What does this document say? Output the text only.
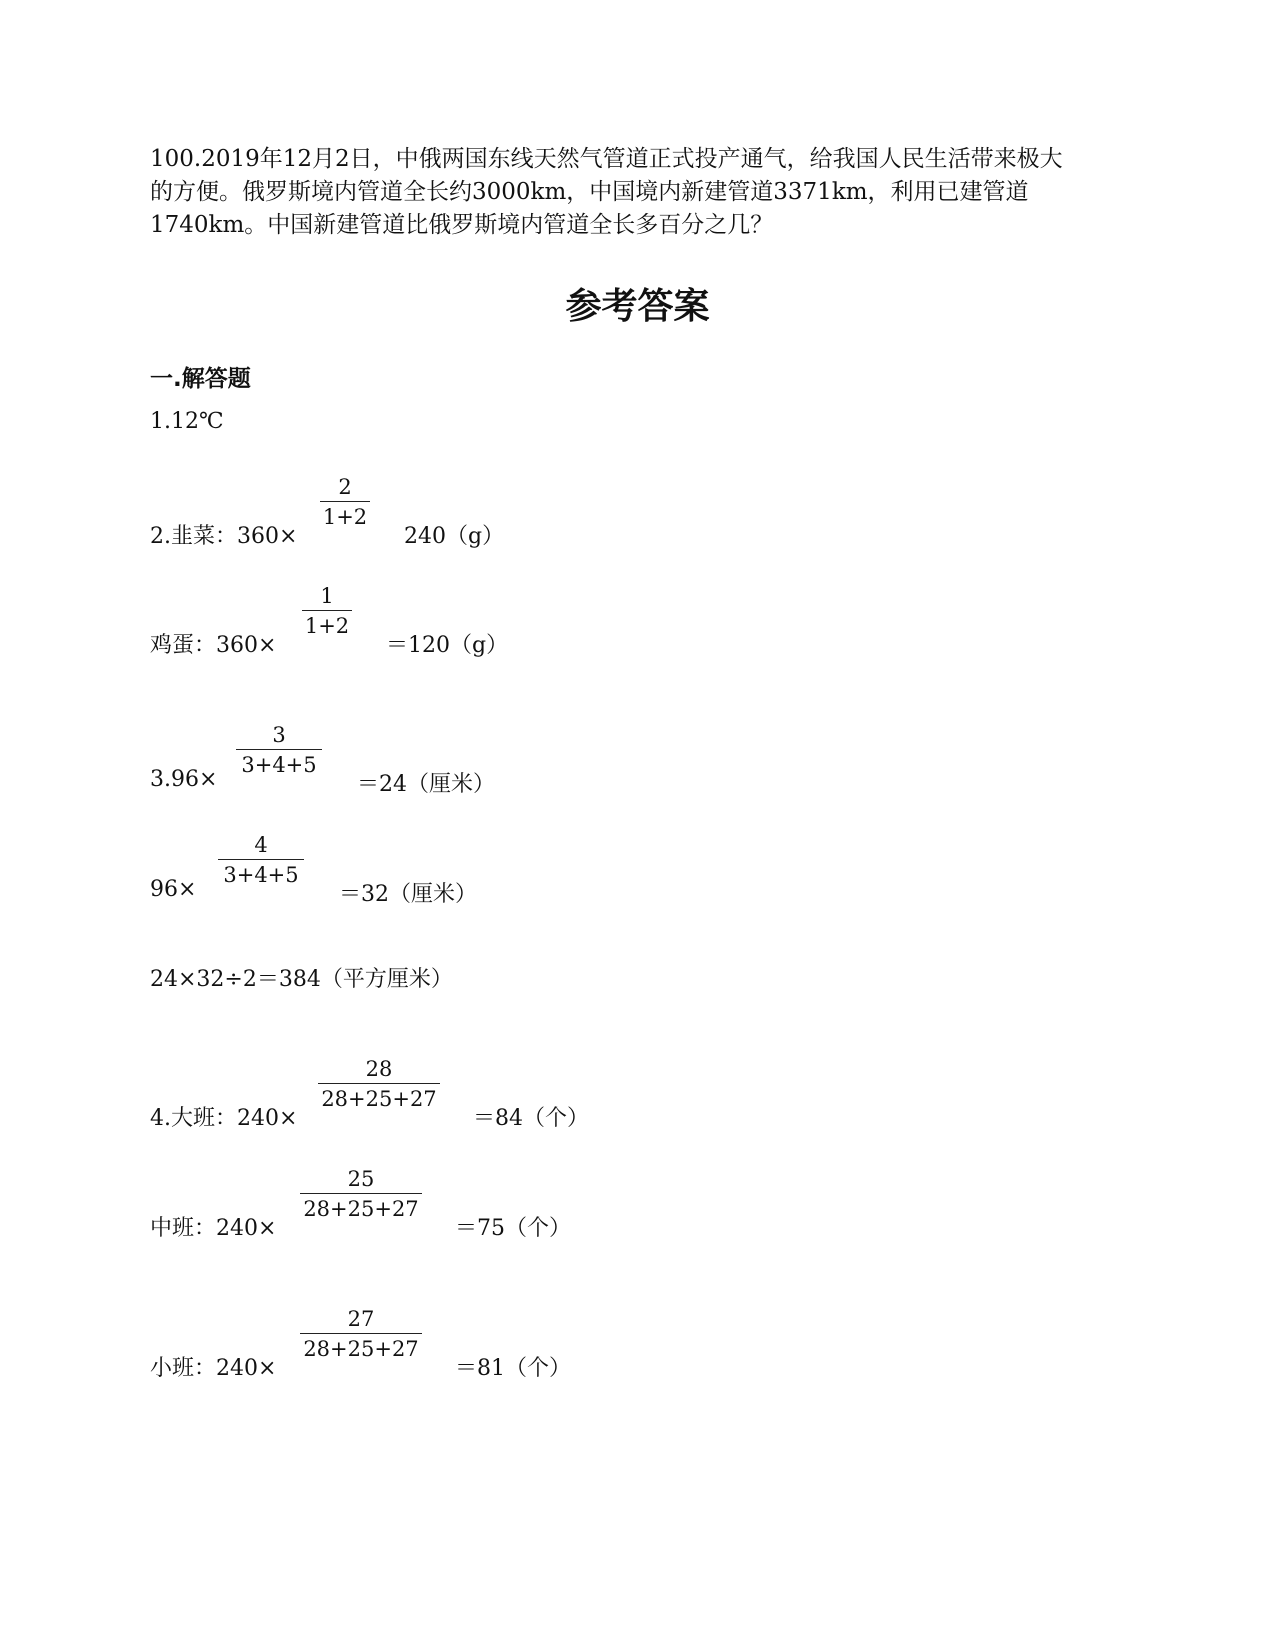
100.2019年12月2日，中俄两国东线天然气管道正式投产通气，给我国人民生活带来极大
的方便。俄罗斯境内管道全长约3000km，中国境内新建管道3371km，利用已建管道
1740km。中国新建管道比俄罗斯境内管道全长多百分之几？
参考答案
一.解答题
1.12℃
2.韭菜：360×
2
1+2
240（g）
鸡蛋：360×
1
1+2
＝120（g）
3.96×
3
3+4+5
＝24（厘米）
96×
4
3+4+5
＝32（厘米）
24×32÷2＝384（平方厘米）
4.大班：240×
28
28+25+27
＝84（个）
中班：240×
25
28+25+27
＝75（个）
小班：240×
27
28+25+27
＝81（个）
